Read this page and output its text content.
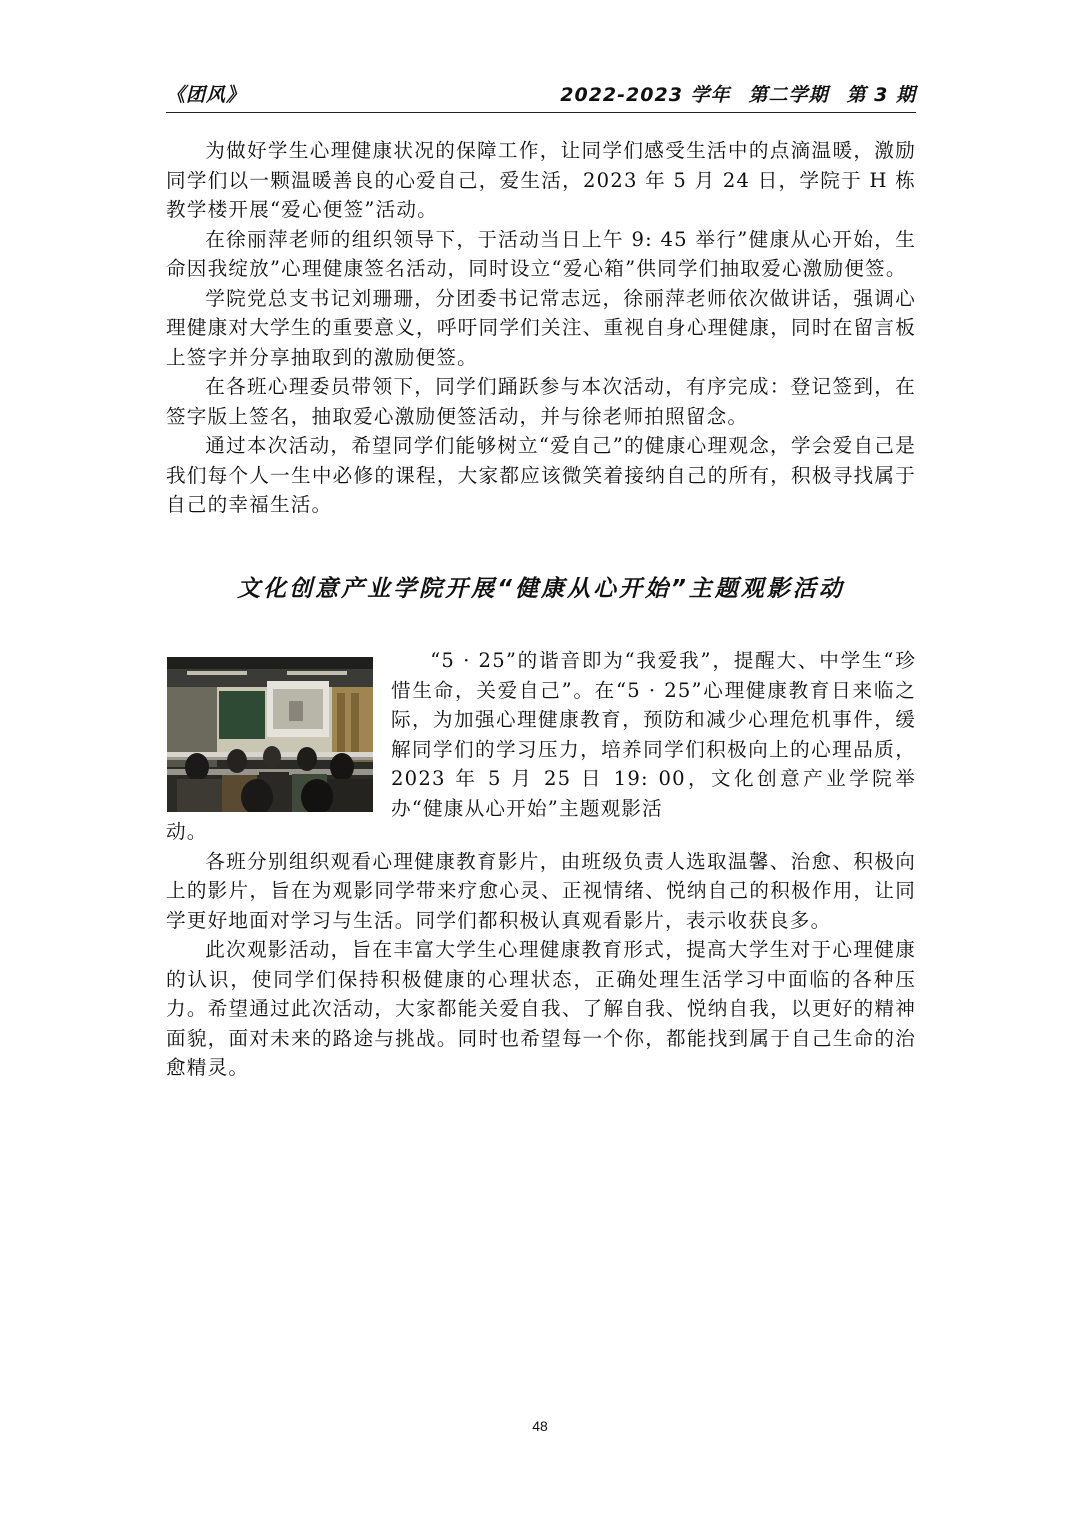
《团风》	2022-2023 学年 第二学期 第 3 期

为做好学生心理健康状况的保障工作，让同学们感受生活中的点滴温暖，激励同学们以一颗温暖善良的心爱自己，爱生活，2023 年 5 月 24 日，学院于 H 栋教学楼开展“爱心便签”活动。

在徐丽萍老师的组织领导下，于活动当日上午 9: 45 举行”健康从心开始，生命因我绽放”心理健康签名活动，同时设立“爱心箱”供同学们抽取爱心激励便签。

学院党总支书记刘珊珊，分团委书记常志远，徐丽萍老师依次做讲话，强调心理健康对大学生的重要意义，呼吁同学们关注、重视自身心理健康，同时在留言板上签字并分享抽取到的激励便签。

在各班心理委员带领下，同学们踊跃参与本次活动，有序完成：登记签到，在签字版上签名，抽取爱心激励便签活动，并与徐老师拍照留念。

通过本次活动，希望同学们能够树立“爱自己”的健康心理观念，学会爱自己是我们每个人一生中必修的课程，大家都应该微笑着接纳自己的所有，积极寻找属于自己的幸福生活。

文化创意产业学院开展“健康从心开始”主题观影活动

“5 · 25”的谐音即为“我爱我”，提醒大、中学生“珍惜生命，关爱自己”。在“5 · 25”心理健康教育日来临之际，为加强心理健康教育，预防和减少心理危机事件，缓解同学们的学习压力，培养同学们积极向上的心理品质，2023 年 5 月 25 日 19: 00，文化创意产业学院举办“健康从心开始”主题观影活

动。

各班分别组织观看心理健康教育影片，由班级负责人选取温馨、治愈、积极向上的影片，旨在为观影同学带来疗愈心灵、正视情绪、悦纳自己的积极作用，让同学更好地面对学习与生活。同学们都积极认真观看影片，表示收获良多。

此次观影活动，旨在丰富大学生心理健康教育形式，提高大学生对于心理健康的认识，使同学们保持积极健康的心理状态，正确处理生活学习中面临的各种压力。希望通过此次活动，大家都能关爱自我、了解自我、悦纳自我，以更好的精神面貌，面对未来的路途与挑战。同时也希望每一个你，都能找到属于自己生命的治愈精灵。

48
